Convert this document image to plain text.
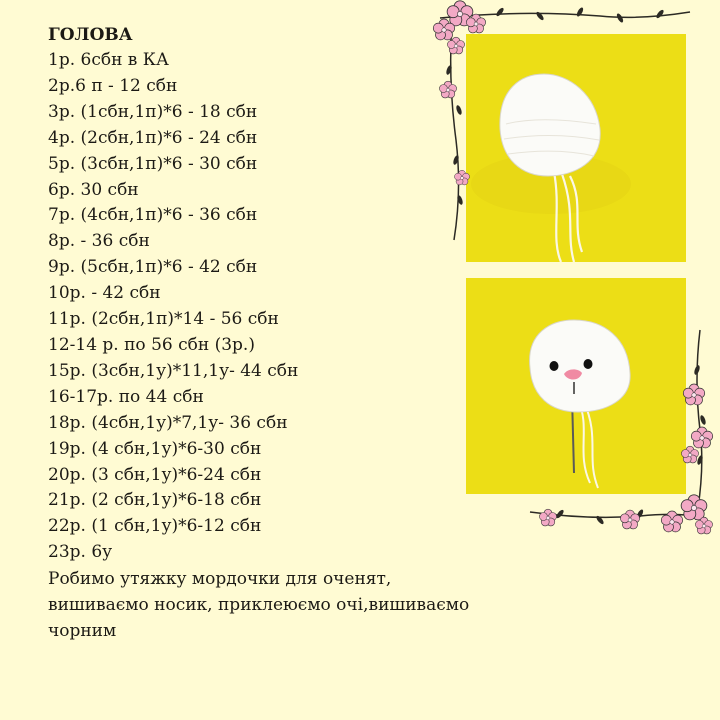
ГОЛОВА

1р. 6сбн в КА

2р.6 п - 12 сбн

3р. (1сбн,1п)*6 - 18 сбн

4р. (2сбн,1п)*6 - 24 сбн

5р. (3сбн,1п)*6 - 30 сбн

6р. 30 сбн

7р. (4сбн,1п)*6 - 36 сбн

8р. - 36 сбн

9р. (5сбн,1п)*6 - 42 сбн

10р. - 42 сбн

11р. (2сбн,1п)*14 - 56 сбн

12-14 р. по 56 сбн (3р.)

15р. (3сбн,1у)*11,1у- 44 сбн

16-17р. по 44 сбн

18р. (4сбн,1у)*7,1у- 36 сбн

19р. (4 сбн,1у)*6-30 сбн

20р. (3 сбн,1у)*6-24 сбн

21р. (2 сбн,1у)*6-18 сбн

22р. (1 сбн,1у)*6-12 сбн

23р. 6у

Робимо утяжку мордочки для оченят,

вишиваємо носик, приклеюємо очі,вишиваємо

чорним
